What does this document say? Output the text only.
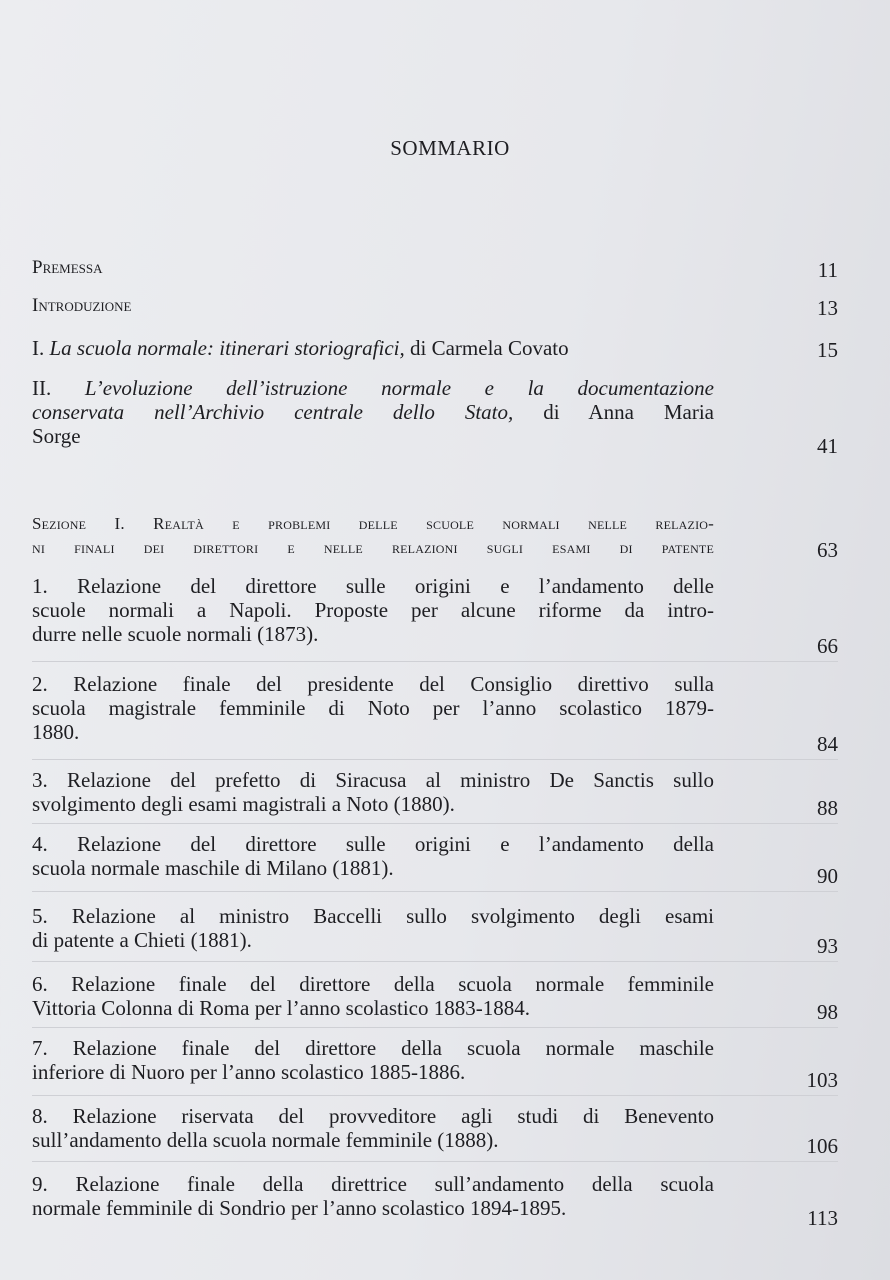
SOMMARIO
Premessa	11
Introduzione	13
I. La scuola normale: itinerari storiografici, di Carmela Covato	15
II. L’evoluzione dell’istruzione normale e la documentazione
conservata nell’Archivio centrale dello Stato, di Anna Maria
Sorge	41
Sezione I. Realtà e problemi delle scuole normali nelle relazio-
ni finali dei direttori e nelle relazioni sugli esami di patente	63
1. Relazione del direttore sulle origini e l’andamento delle
scuole normali a Napoli. Proposte per alcune riforme da intro-
durre nelle scuole normali (1873).	66
2. Relazione finale del presidente del Consiglio direttivo sulla
scuola magistrale femminile di Noto per l’anno scolastico 1879-
1880.	84
3. Relazione del prefetto di Siracusa al ministro De Sanctis sullo
svolgimento degli esami magistrali a Noto (1880).	88
4. Relazione del direttore sulle origini e l’andamento della
scuola normale maschile di Milano (1881).	90
5. Relazione al ministro Baccelli sullo svolgimento degli esami
di patente a Chieti (1881).	93
6. Relazione finale del direttore della scuola normale femminile
Vittoria Colonna di Roma per l’anno scolastico 1883-1884.	98
7. Relazione finale del direttore della scuola normale maschile
inferiore di Nuoro per l’anno scolastico 1885-1886.	103
8. Relazione riservata del provveditore agli studi di Benevento
sull’andamento della scuola normale femminile (1888).	106
9. Relazione finale della direttrice sull’andamento della scuola
normale femminile di Sondrio per l’anno scolastico 1894-1895.	113
